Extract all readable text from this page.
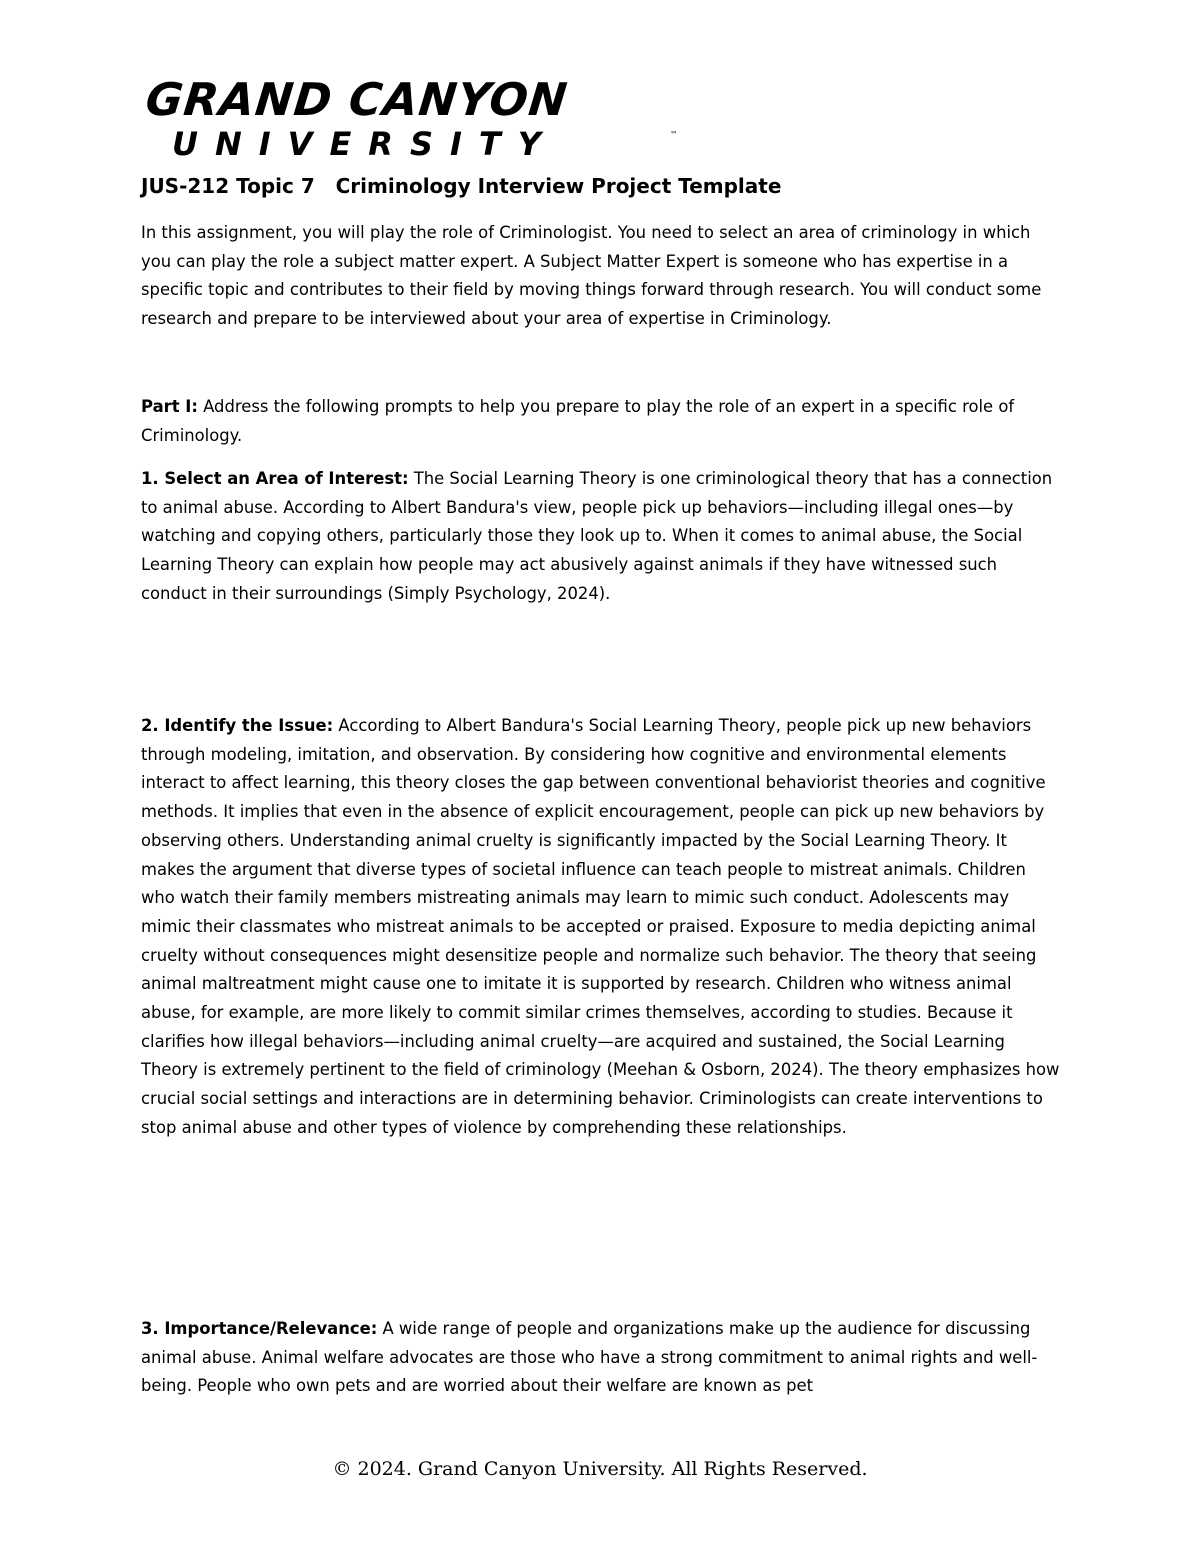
GRAND CANYON
UNIVERSITY	™
JUS-212 Topic 7   Criminology Interview Project Template

In this assignment, you will play the role of Criminologist. You need to select an area of criminology in which you can play the role a subject matter expert. A Subject Matter Expert is someone who has expertise in a specific topic and contributes to their field by moving things forward through research. You will conduct some research and prepare to be interviewed about your area of expertise in Criminology.

Part I: Address the following prompts to help you prepare to play the role of an expert in a specific role of Criminology.

1. Select an Area of Interest: The Social Learning Theory is one criminological theory that has a connection to animal abuse. According to Albert Bandura's view, people pick up behaviors—including illegal ones—by watching and copying others, particularly those they look up to. When it comes to animal abuse, the Social Learning Theory can explain how people may act abusively against animals if they have witnessed such conduct in their surroundings (Simply Psychology, 2024).

2. Identify the Issue: According to Albert Bandura's Social Learning Theory, people pick up new behaviors through modeling, imitation, and observation. By considering how cognitive and environmental elements interact to affect learning, this theory closes the gap between conventional behaviorist theories and cognitive methods. It implies that even in the absence of explicit encouragement, people can pick up new behaviors by observing others. Understanding animal cruelty is significantly impacted by the Social Learning Theory. It makes the argument that diverse types of societal influence can teach people to mistreat animals. Children who watch their family members mistreating animals may learn to mimic such conduct. Adolescents may mimic their classmates who mistreat animals to be accepted or praised. Exposure to media depicting animal cruelty without consequences might desensitize people and normalize such behavior. The theory that seeing animal maltreatment might cause one to imitate it is supported by research. Children who witness animal abuse, for example, are more likely to commit similar crimes themselves, according to studies. Because it clarifies how illegal behaviors—including animal cruelty—are acquired and sustained, the Social Learning Theory is extremely pertinent to the field of criminology (Meehan & Osborn, 2024). The theory emphasizes how crucial social settings and interactions are in determining behavior. Criminologists can create interventions to stop animal abuse and other types of violence by comprehending these relationships.

3. Importance/Relevance: A wide range of people and organizations make up the audience for discussing animal abuse. Animal welfare advocates are those who have a strong commitment to animal rights and well-being. People who own pets and are worried about their welfare are known as pet

© 2024. Grand Canyon University. All Rights Reserved.
